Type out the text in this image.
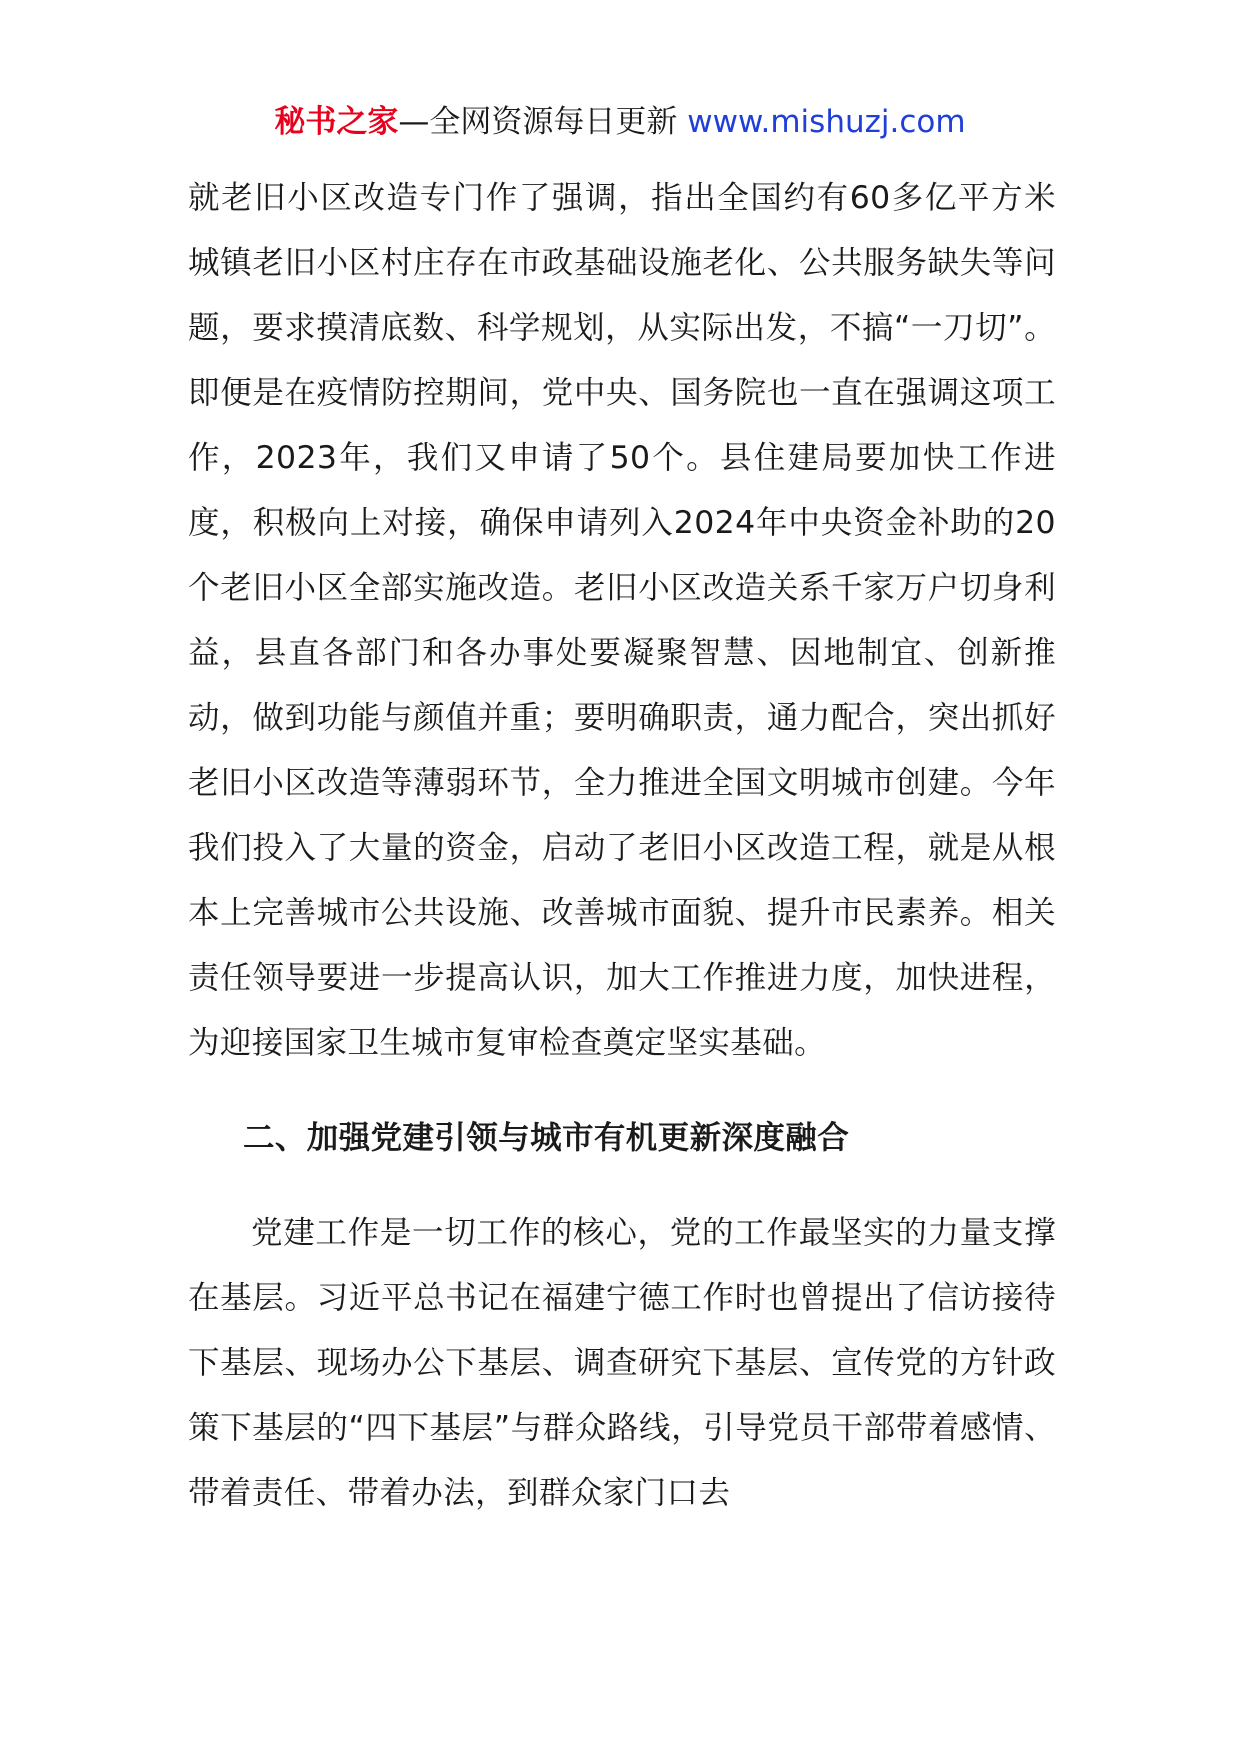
秘书之家—全网资源每日更新 www.mishuzj.com

就老旧小区改造专门作了强调，指出全国约有60多亿平方米城镇老旧小区村庄存在市政基础设施老化、公共服务缺失等问题，要求摸清底数、科学规划，从实际出发，不搞“一刀切”。即便是在疫情防控期间，党中央、国务院也一直在强调这项工作，2023年，我们又申请了50个。县住建局要加快工作进度，积极向上对接，确保申请列入2024年中央资金补助的20个老旧小区全部实施改造。老旧小区改造关系千家万户切身利益，县直各部门和各办事处要凝聚智慧、因地制宜、创新推动，做到功能与颜值并重；要明确职责，通力配合，突出抓好老旧小区改造等薄弱环节，全力推进全国文明城市创建。今年我们投入了大量的资金，启动了老旧小区改造工程，就是从根本上完善城市公共设施、改善城市面貌、提升市民素养。相关责任领导要进一步提高认识，加大工作推进力度，加快进程，为迎接国家卫生城市复审检查奠定坚实基础。

二、加强党建引领与城市有机更新深度融合

党建工作是一切工作的核心，党的工作最坚实的力量支撑在基层。习近平总书记在福建宁德工作时也曾提出了信访接待下基层、现场办公下基层、调查研究下基层、宣传党的方针政策下基层的“四下基层”与群众路线，引导党员干部带着感情、带着责任、带着办法，到群众家门口去
